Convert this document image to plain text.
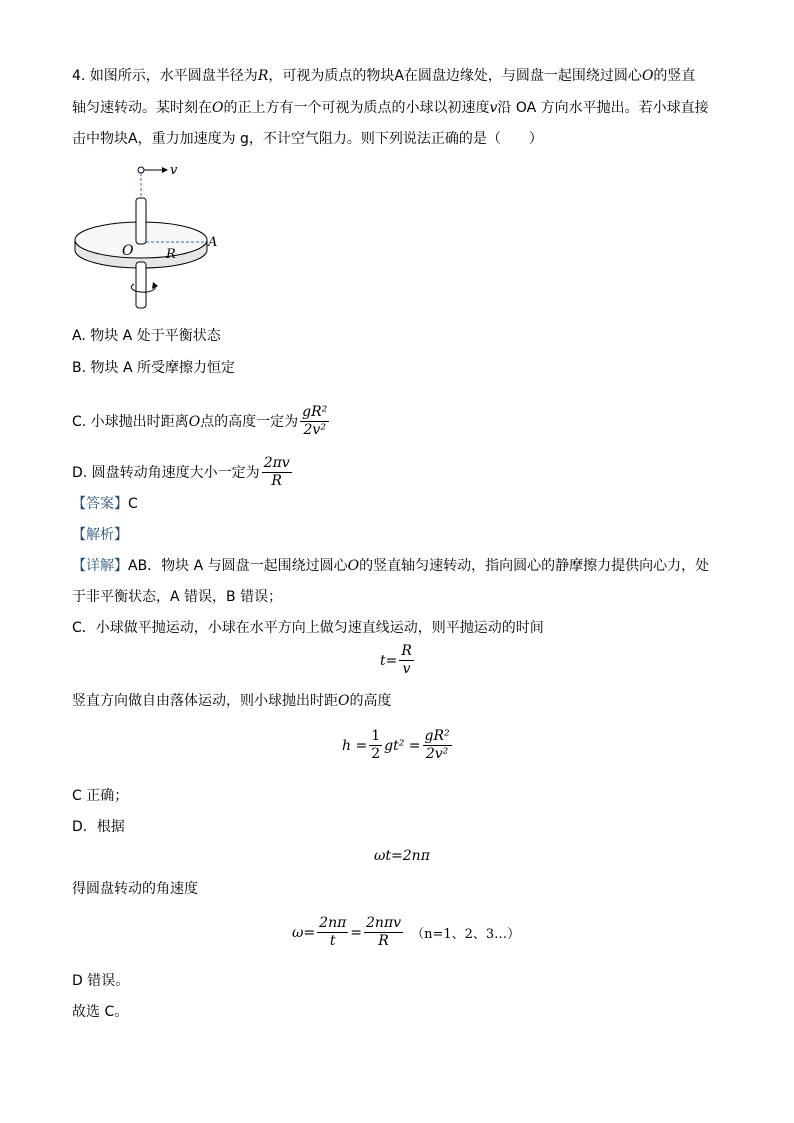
4. 如图所示，水平圆盘半径为R，可视为质点的物块A在圆盘边缘处，与圆盘一起围绕过圆心O的竖直
轴匀速转动。某时刻在O的正上方有一个可视为质点的小球以初速度v沿 OA 方向水平抛出。若小球直接
击中物块A，重力加速度为 g，不计空气阻力。则下列说法正确的是（　　）
v
O	R
A
A. 物块 A 处于平衡状态
B. 物块 A 所受摩擦力恒定
C. 小球抛出时距离 O 点的高度一定为 $\frac{\text{gR²}}{\text{2v²}}$
D. 圆盘转动角速度大小一定为 $\frac{2\pi v}{R}$
【答案】C
【解析】
【详解】AB．物块 A 与圆盘一起围绕过圆心O的竖直轴匀速转动，指向圆心的静摩擦力提供向心力，处
于非平衡状态，A 错误，B 错误；
C．小球做平抛运动，小球在水平方向上做匀速直线运动，则平抛运动的时间
$t= \frac{R}{v}$
竖直方向做自由落体运动，则小球抛出时距O的高度
$h = \frac{1}{2} gt^2 = \frac{\text{gR²}}{\text{2v²}}$
C 正确；
D．根据
ωt=2nπ
得圆盘转动的角速度
$\omega= \frac{2n\pi}{t} = \frac{\text{2nπv}}{R} (n=1$、2、3…）
D 错误。
故选 C。
